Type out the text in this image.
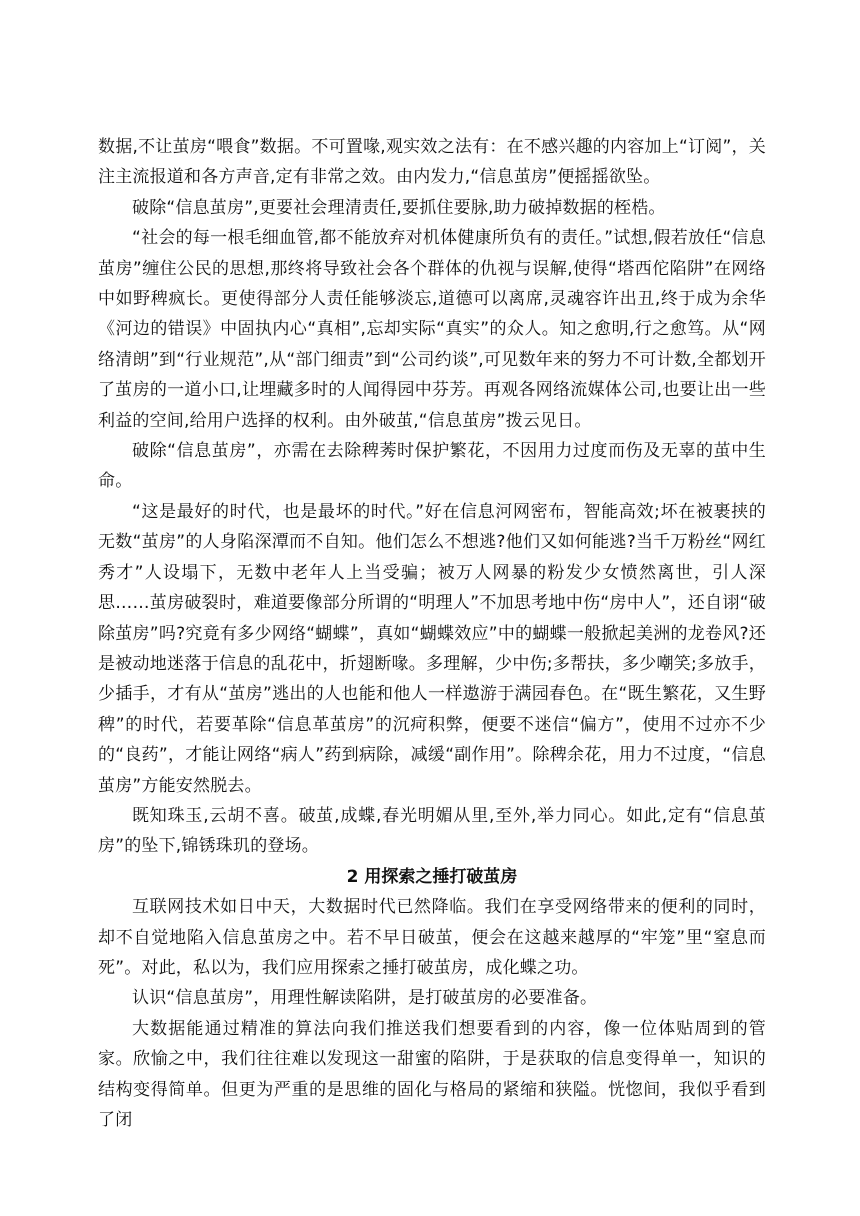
数据,不让茧房“喂食”数据。不可置喙,观实效之法有：在不感兴趣的内容加上“订阅”，关注主流报道和各方声音,定有非常之效。由内发力,“信息茧房”便摇摇欲坠。

破除“信息茧房”,更要社会理清责任,要抓住要脉,助力破掉数据的桎梏。

“社会的每一根毛细血管,都不能放弃对机体健康所负有的责任。”试想,假若放任“信息茧房”缠住公民的思想,那终将导致社会各个群体的仇视与误解,使得“塔西佗陷阱”在网络中如野稗疯长。更使得部分人责任能够淡忘,道德可以离席,灵魂容许出丑,终于成为余华《河边的错误》中固执内心“真相”,忘却实际“真实”的众人。知之愈明,行之愈笃。从“网络清朗”到“行业规范”,从“部门细责”到“公司约谈”,可见数年来的努力不可计数,全都划开了茧房的一道小口,让埋藏多时的人闻得园中芬芳。再观各网络流媒体公司,也要让出一些利益的空间,给用户选择的权利。由外破茧,“信息茧房”拨云见日。

破除“信息茧房”，亦需在去除稗莠时保护繁花，不因用力过度而伤及无辜的茧中生命。

“这是最好的时代，也是最坏的时代。”好在信息河网密布，智能高效;坏在被裹挟的无数“茧房”的人身陷深潭而不自知。他们怎么不想逃?他们又如何能逃?当千万粉丝“网红秀才”人设塌下，无数中老年人上当受骗；被万人网暴的粉发少女愤然离世，引人深思……茧房破裂时，难道要像部分所谓的“明理人”不加思考地中伤“房中人”，还自诩“破除茧房”吗?究竟有多少网络“蝴蝶”，真如“蝴蝶效应”中的蝴蝶一般掀起美洲的龙卷风?还是被动地迷落于信息的乱花中，折翅断喙。多理解，少中伤;多帮扶，多少嘲笑;多放手，少插手，才有从“茧房”逃出的人也能和他人一样遨游于满园春色。在“既生繁花，又生野稗”的时代，若要革除“信息革茧房”的沉疴积弊，便要不迷信“偏方”，使用不过亦不少的“良药”，才能让网络“病人”药到病除，减缓“副作用”。除稗余花，用力不过度，“信息茧房”方能安然脱去。

既知珠玉,云胡不喜。破茧,成蝶,春光明媚从里,至外,举力同心。如此,定有“信息茧房”的坠下,锦锈珠玑的登场。

2 用探索之捶打破茧房

互联网技术如日中天，大数据时代已然降临。我们在享受网络带来的便利的同时，却不自觉地陷入信息茧房之中。若不早日破茧，便会在这越来越厚的“牢笼”里“窒息而死”。对此，私以为，我们应用探索之捶打破茧房，成化蝶之功。

认识“信息茧房”，用理性解读陷阱，是打破茧房的必要准备。

大数据能通过精准的算法向我们推送我们想要看到的内容，像一位体贴周到的管家。欣愉之中，我们往往难以发现这一甜蜜的陷阱，于是获取的信息变得单一，知识的结构变得简单。但更为严重的是思维的固化与格局的紧缩和狭隘。恍惚间，我似乎看到了闭
